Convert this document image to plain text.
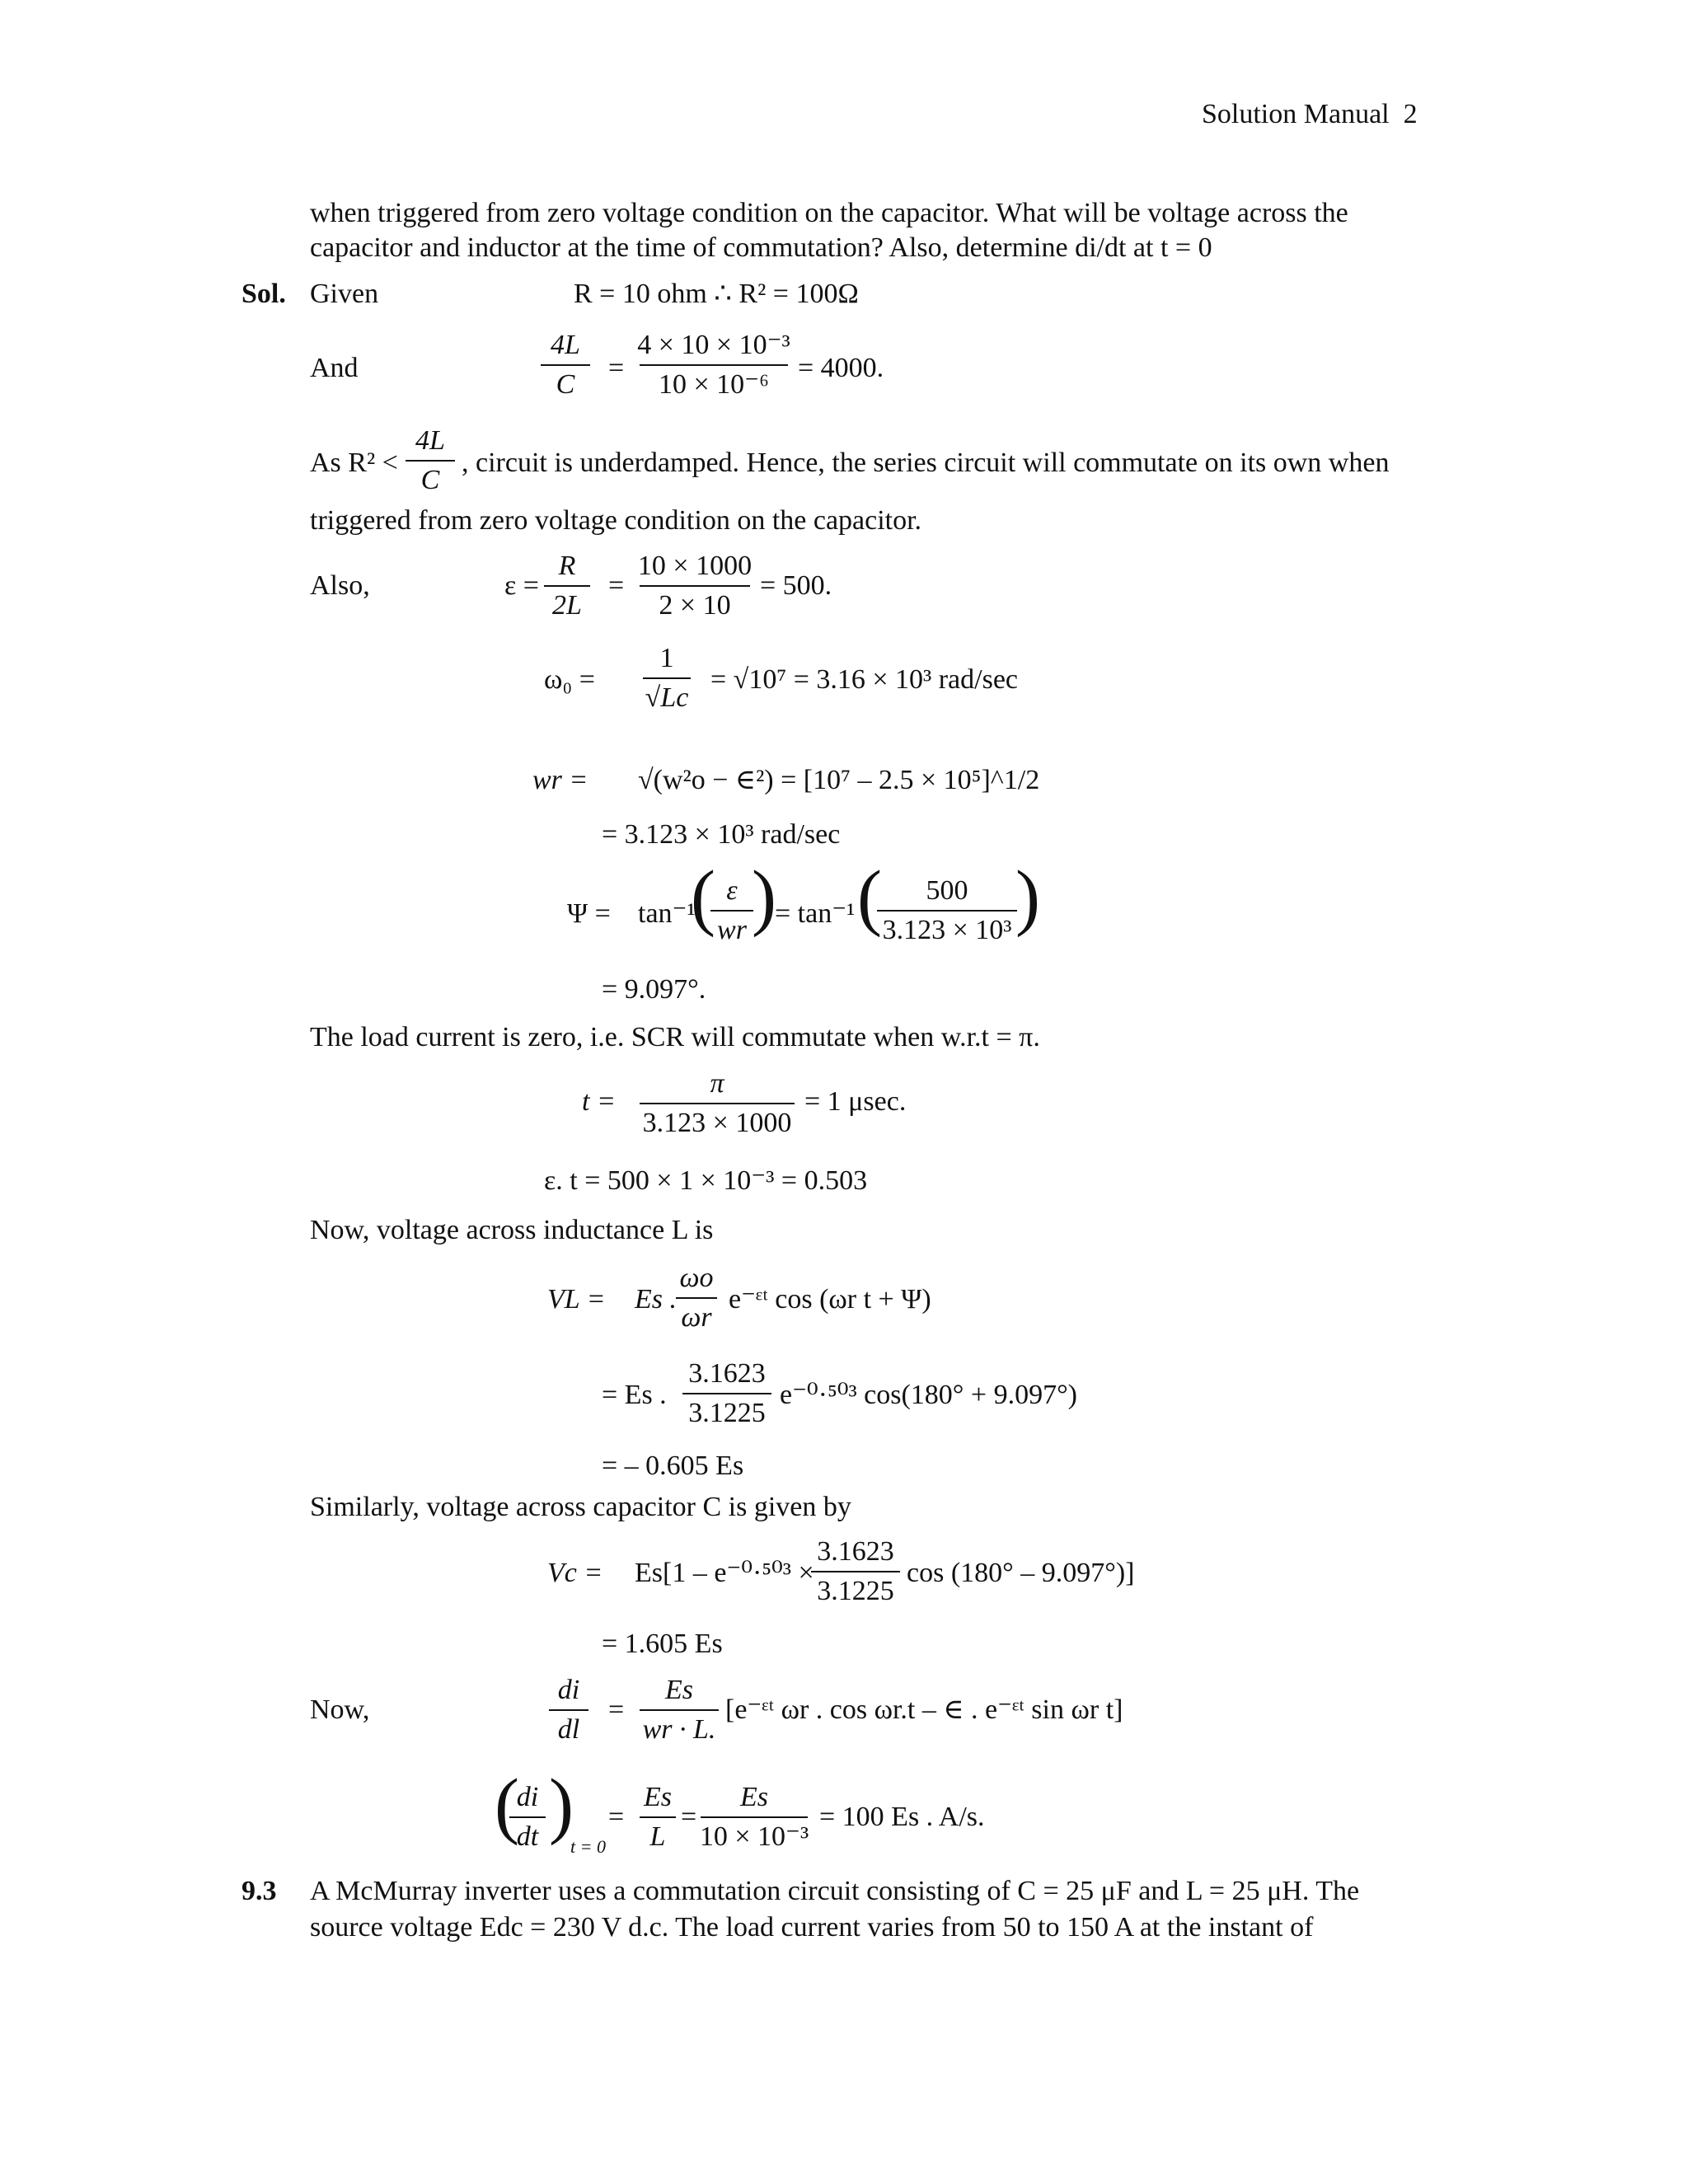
Solution Manual 2
when triggered from zero voltage condition on the capacitor. What will be voltage across the
capacitor and inductor at the time of commutation? Also, determine di/dt at t = 0
Sol. Given	R = 10 ohm ∴ R² = 100Ω
And
4L
C
=
4 × 10 × 10⁻³
10 × 10⁻⁶
= 4000.
As R² <
4L
C
, circuit is underdamped. Hence, the series circuit will commutate on its own when
triggered from zero voltage condition on the capacitor.
Also,	ε =
R
2L
=
10 × 1000
2 × 10
= 500.
ω₀ =
1
√Lc
= √10⁷ = 3.16 × 10³ rad/sec
wr = √(w²o − ∈²) = [10⁷ – 2.5 × 10⁵]^1/2
= 3.123 × 10³ rad/sec
Ψ = tan⁻¹
( ε
wr )
= tan⁻¹ ( 500
3.123 × 10³ )
= 9.097°.
The load current is zero, i.e. SCR will commutate when w.r.t = π.
t =
π
3.123 × 1000
= 1 μsec.
ε. t = 500 × 1 × 10⁻³ = 0.503
Now, voltage across inductance L is
VL = Es .
ωo
ωr
e⁻ᵋᵗ cos (ωr t + Ψ)
= Es .
3.1623
3.1225
e⁻⁰·⁵⁰³ cos(180° + 9.097°)
= – 0.605 Es
Similarly, voltage across capacitor C is given by
Vc = Es[1 – e⁻⁰·⁵⁰³ ×
3.1623
3.1225
cos (180° – 9.097°)]
= 1.605 Es
Now,
di
dl
=
Es
wr · L.
[e⁻ᵋᵗ ωr . cos ωr.t – ∈ . e⁻ᵋᵗ sin ωr t]
(
di
dt )
t = 0
=
Es
L
=
Es
10 × 10⁻³
= 100 Es . A/s.
9.3 A McMurray inverter uses a commutation circuit consisting of C = 25 μF and L = 25 μH. The
source voltage Edc = 230 V d.c. The load current varies from 50 to 150 A at the instant of
